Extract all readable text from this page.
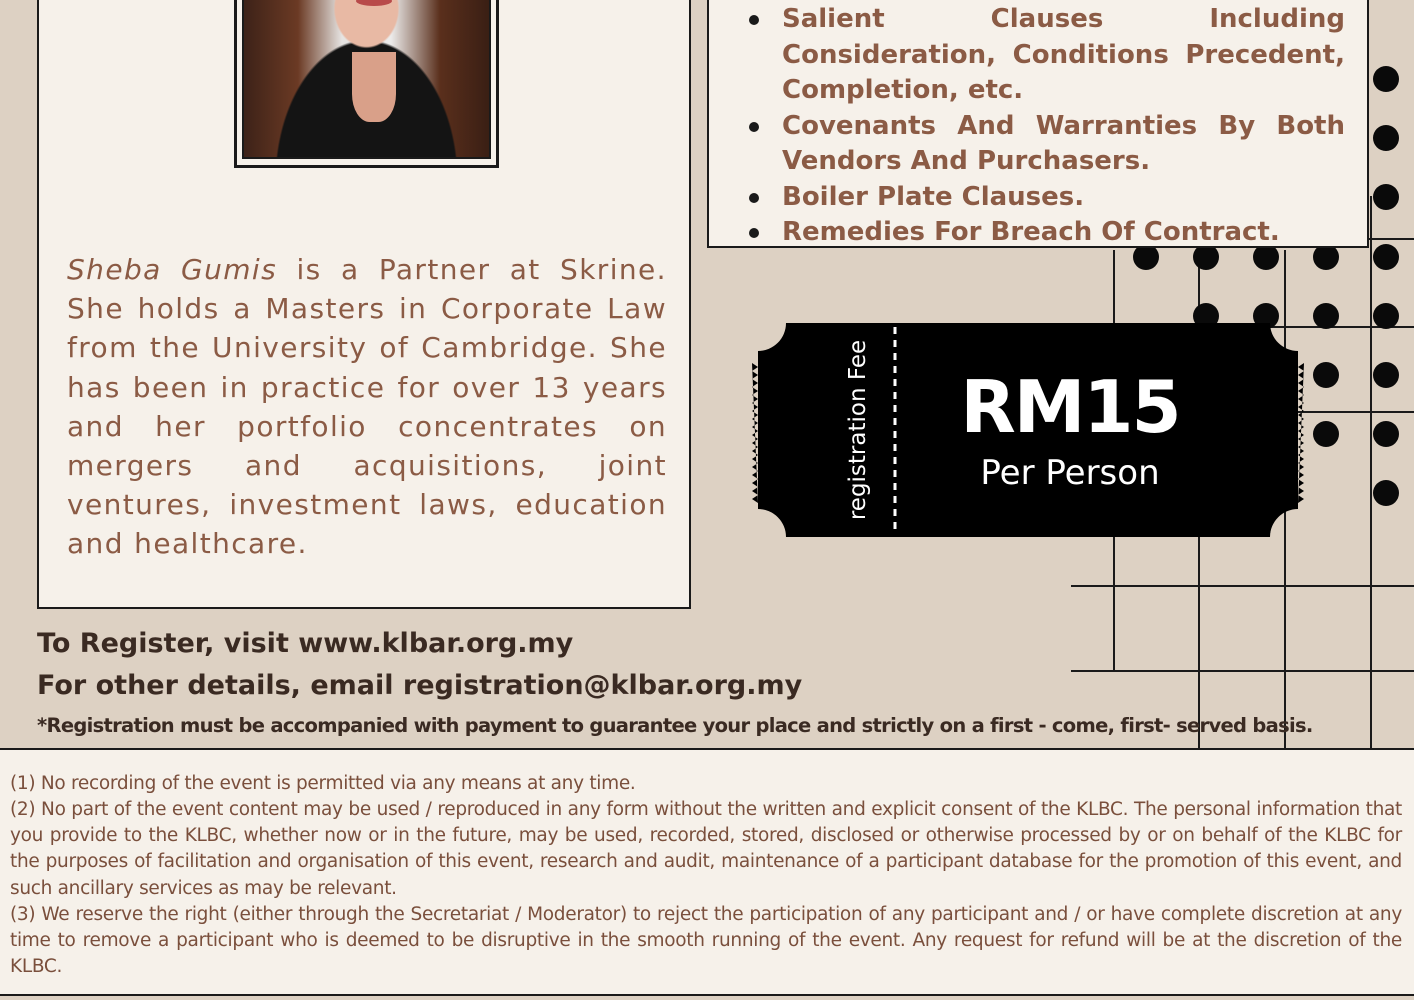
Sheba Gumis is a Partner at Skrine. She holds a Masters in Corporate Law from the University of Cambridge. She has been in practice for over 13 years and her portfolio concentrates on mergers and acquisitions, joint ventures, investment laws, education and healthcare.

Salient Clauses Including Consideration, Conditions Precedent, Completion, etc.
Covenants And Warranties By Both Vendors And Purchasers.
Boiler Plate Clauses.
Remedies For Breach Of Contract.
registration Fee	RM15
Per Person
To Register, visit www.klbar.org.my
For other details, email registration@klbar.org.my
*Registration must be accompanied with payment to guarantee your place and strictly on a first - come, first- served basis.

(1) No recording of the event is permitted via any means at any time.

(2) No part of the event content may be used / reproduced in any form without the written and explicit consent of the KLBC. The personal information that you provide to the KLBC, whether now or in the future, may be used, recorded, stored, disclosed or otherwise processed by or on behalf of the KLBC for the purposes of facilitation and organisation of this event, research and audit, maintenance of a participant database for the promotion of this event, and such ancillary services as may be relevant.

(3) We reserve the right (either through the Secretariat / Moderator) to reject the participation of any participant and / or have complete discretion at any time to remove a participant who is deemed to be disruptive in the smooth running of the event. Any request for refund will be at the discretion of the KLBC.
